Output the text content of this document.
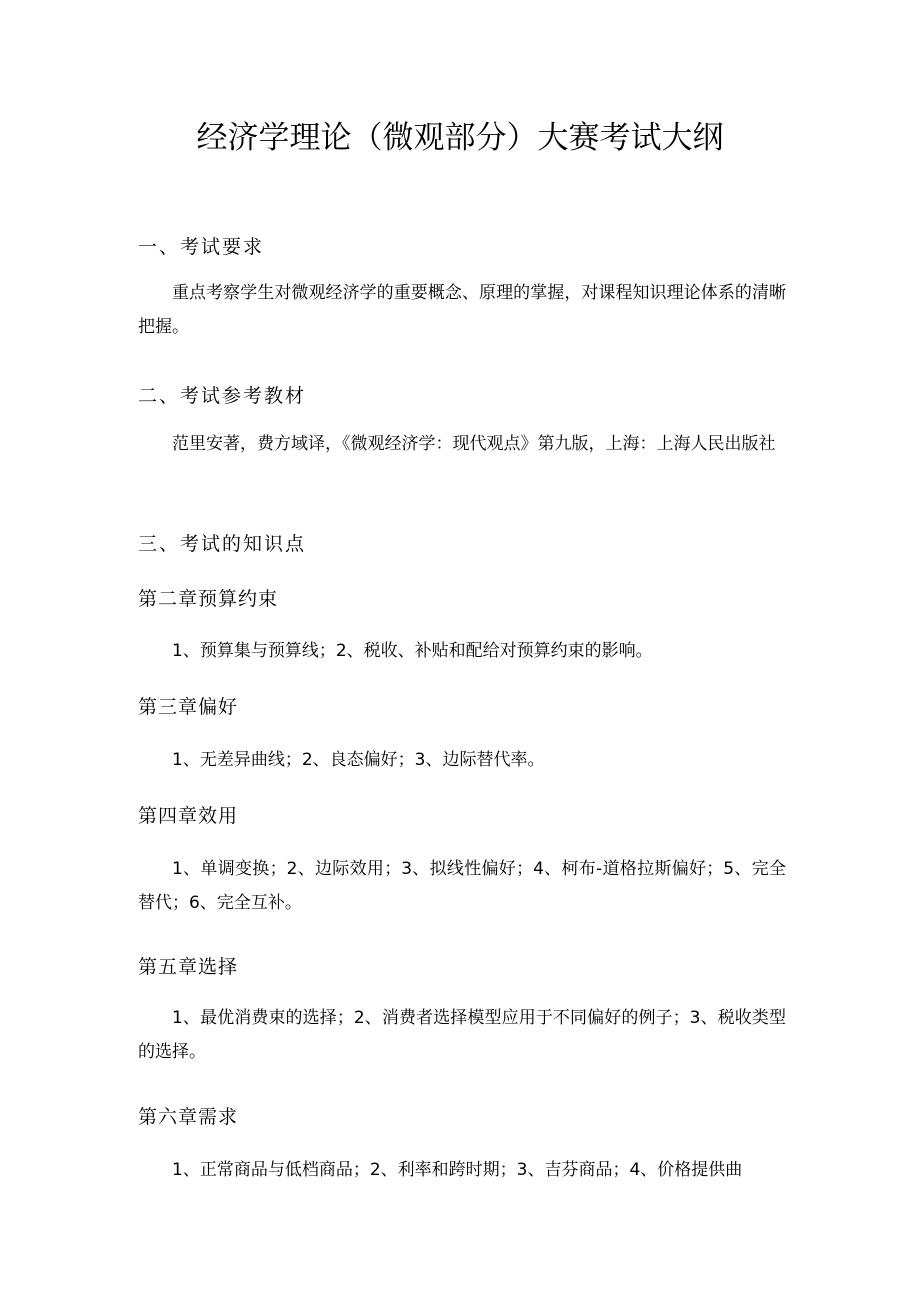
经济学理论（微观部分）大赛考试大纲
一、考试要求

重点考察学生对微观经济学的重要概念、原理的掌握，对课程知识理论体系的清晰把握。

二、考试参考教材

范里安著，费方域译，《微观经济学：现代观点》第九版，上海：上海人民出版社

三、考试的知识点
第二章预算约束

1、预算集与预算线；2、税收、补贴和配给对预算约束的影响。

第三章偏好

1、无差异曲线；2、良态偏好；3、边际替代率。

第四章效用

1、单调变换；2、边际效用；3、拟线性偏好；4、柯布-道格拉斯偏好；5、完全替代；6、完全互补。

第五章选择

1、最优消费束的选择；2、消费者选择模型应用于不同偏好的例子；3、税收类型的选择。

第六章需求

1、正常商品与低档商品；2、利率和跨时期；3、吉芬商品；4、价格提供曲
